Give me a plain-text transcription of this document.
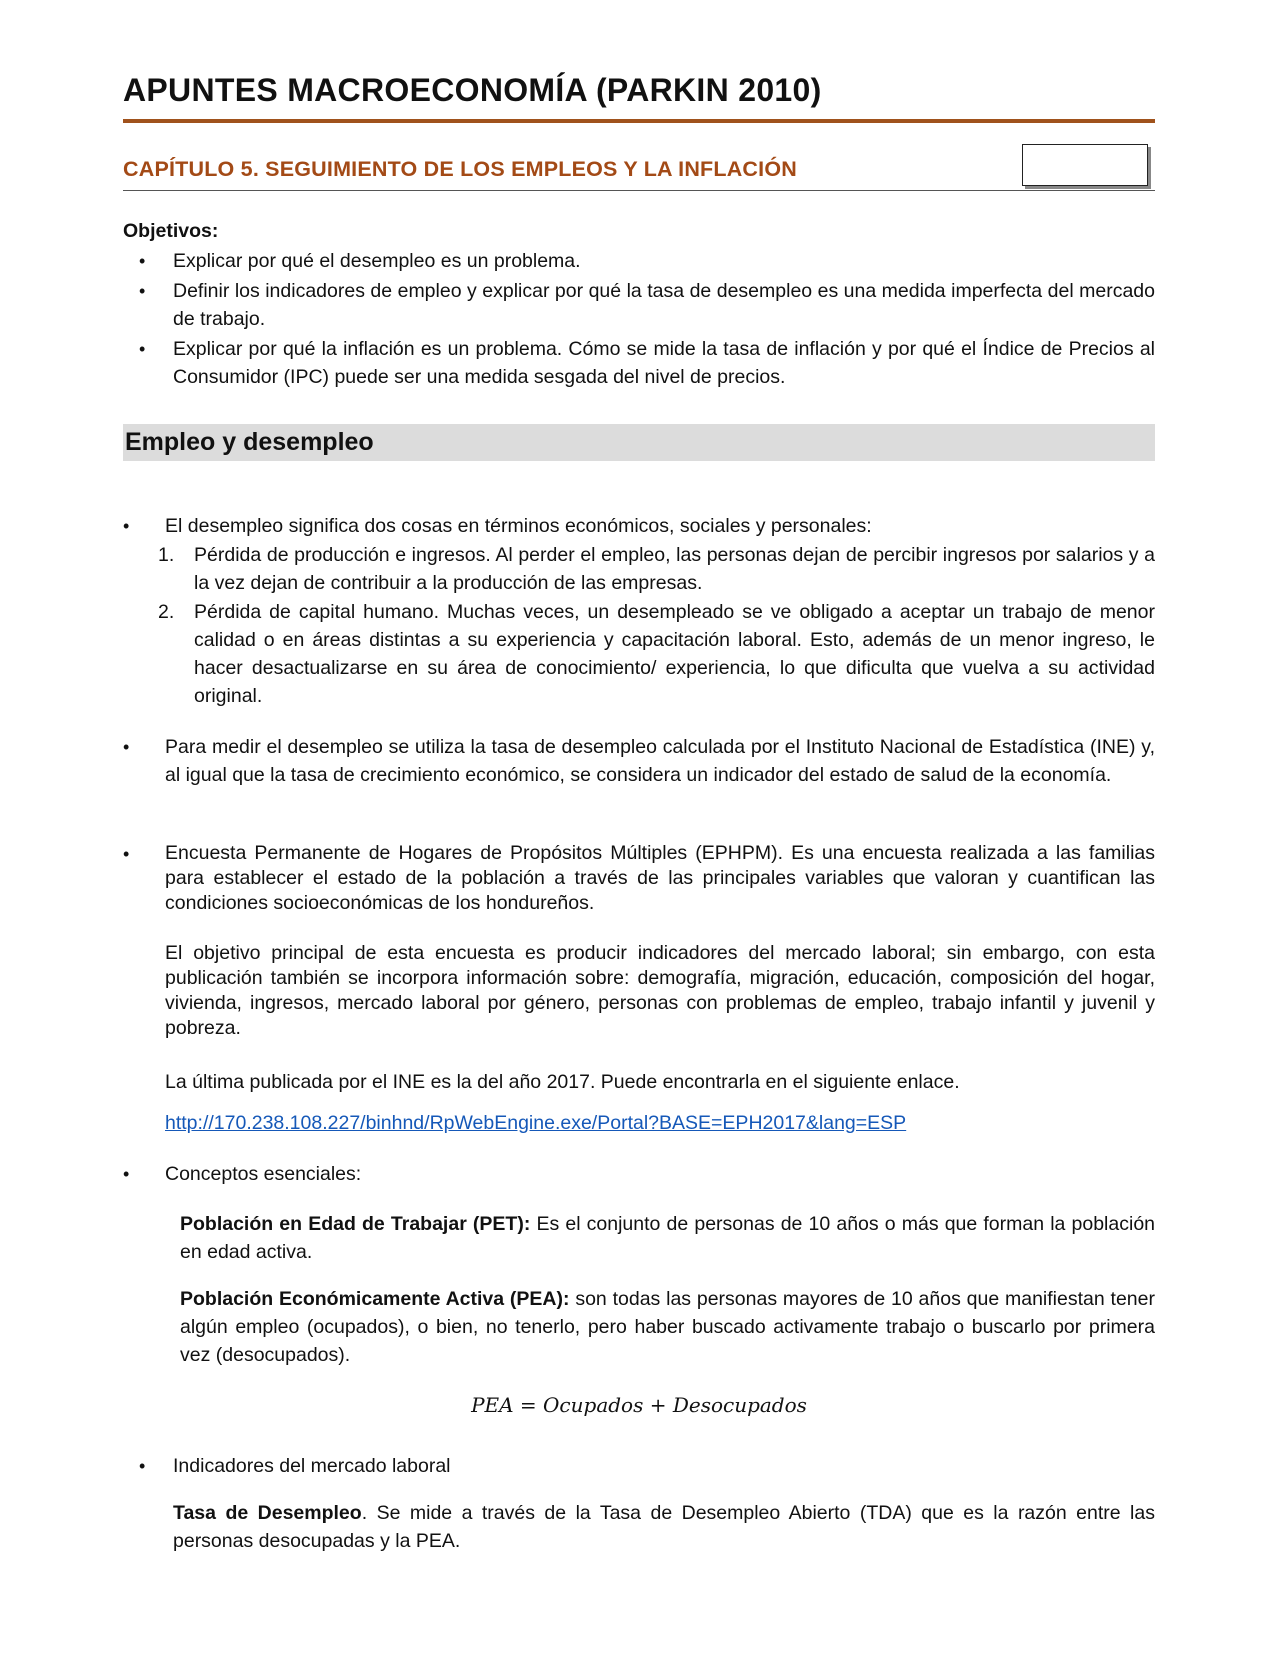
APUNTES MACROECONOMÍA (PARKIN 2010)
CAPÍTULO 5. SEGUIMIENTO DE LOS EMPLEOS Y LA INFLACIÓN
Objetivos:
• Explicar por qué el desempleo es un problema.
• Definir los indicadores de empleo y explicar por qué la tasa de desempleo es una medida imperfecta del mercado de trabajo.
• Explicar por qué la inflación es un problema. Cómo se mide la tasa de inflación y por qué el Índice de Precios al Consumidor (IPC) puede ser una medida sesgada del nivel de precios.
Empleo y desempleo
• El desempleo significa dos cosas en términos económicos, sociales y personales:
1. Pérdida de producción e ingresos. Al perder el empleo, las personas dejan de percibir ingresos por salarios y a la vez dejan de contribuir a la producción de las empresas.
2. Pérdida de capital humano. Muchas veces, un desempleado se ve obligado a aceptar un trabajo de menor calidad o en áreas distintas a su experiencia y capacitación laboral. Esto, además de un menor ingreso, le hacer desactualizarse en su área de conocimiento/ experiencia, lo que dificulta que vuelva a su actividad original.
• Para medir el desempleo se utiliza la tasa de desempleo calculada por el Instituto Nacional de Estadística (INE) y, al igual que la tasa de crecimiento económico, se considera un indicador del estado de salud de la economía.
• Encuesta Permanente de Hogares de Propósitos Múltiples (EPHPM). Es una encuesta realizada a las familias para establecer el estado de la población a través de las principales variables que valoran y cuantifican las condiciones socioeconómicas de los hondureños.
El objetivo principal de esta encuesta es producir indicadores del mercado laboral; sin embargo, con esta publicación también se incorpora información sobre: demografía, migración, educación, composición del hogar, vivienda, ingresos, mercado laboral por género, personas con problemas de empleo, trabajo infantil y juvenil y pobreza.
La última publicada por el INE es la del año 2017. Puede encontrarla en el siguiente enlace.
http://170.238.108.227/binhnd/RpWebEngine.exe/Portal?BASE=EPH2017&lang=ESP
• Conceptos esenciales:
Población en Edad de Trabajar (PET): Es el conjunto de personas de 10 años o más que forman la población en edad activa.
Población Económicamente Activa (PEA): son todas las personas mayores de 10 años que manifiestan tener algún empleo (ocupados), o bien, no tenerlo, pero haber buscado activamente trabajo o buscarlo por primera vez (desocupados).
PEA = Ocupados + Desocupados
• Indicadores del mercado laboral
Tasa de Desempleo. Se mide a través de la Tasa de Desempleo Abierto (TDA) que es la razón entre las personas desocupadas y la PEA.
